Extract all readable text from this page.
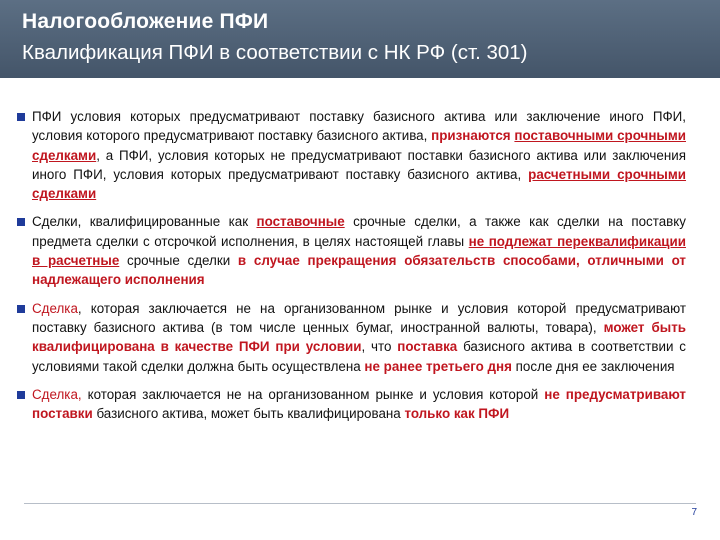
Налогообложение ПФИ
Квалификация ПФИ в соответствии с НК РФ (ст. 301)
ПФИ условия которых предусматривают поставку базисного актива или заключение иного ПФИ, условия которого предусматривают поставку базисного актива, признаются поставочными срочными сделками, а ПФИ, условия которых не предусматривают поставки базисного актива или заключения иного ПФИ, условия которых предусматривают поставку базисного актива, расчетными срочными сделками
Сделки, квалифицированные как поставочные срочные сделки, а также как сделки на поставку предмета сделки с отсрочкой исполнения, в целях настоящей главы не подлежат переквалификации в расчетные срочные сделки в случае прекращения обязательств способами, отличными от надлежащего исполнения
Сделка, которая заключается не на организованном рынке и условия которой предусматривают поставку базисного актива (в том числе ценных бумаг, иностранной валюты, товара), может быть квалифицирована в качестве ПФИ при условии, что поставка базисного актива в соответствии с условиями такой сделки должна быть осуществлена не ранее третьего дня после дня ее заключения
Сделка, которая заключается не на организованном рынке и условия которой не предусматривают поставки базисного актива, может быть квалифицирована только как ПФИ
7
